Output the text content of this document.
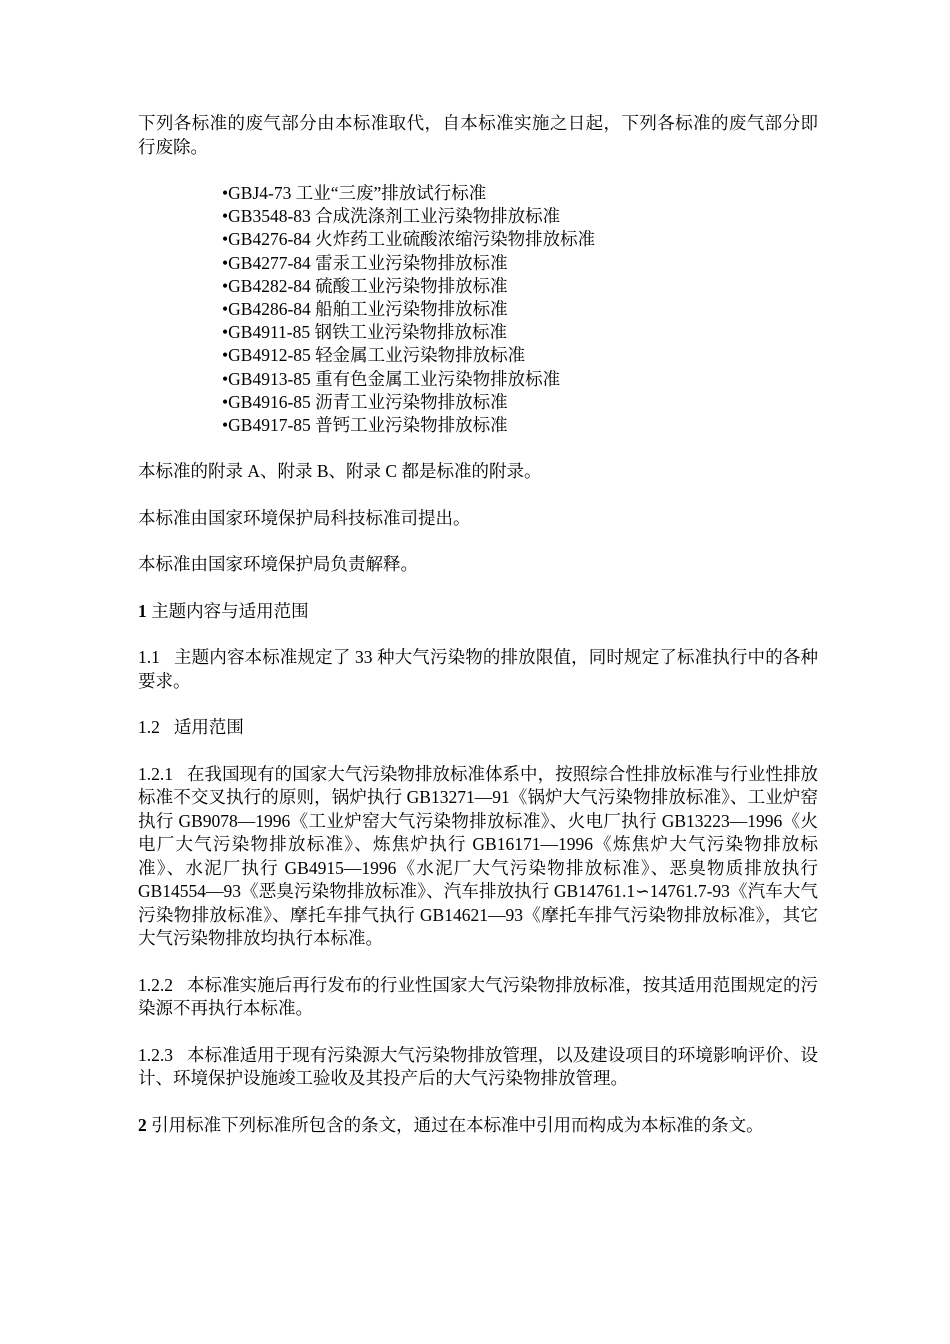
下列各标准的废气部分由本标准取代，自本标准实施之日起，下列各标准的废气部分即行废除。

•GBJ4-73 工业“三废”排放试行标准
•GB3548-83 合成洗涤剂工业污染物排放标准
•GB4276-84 火炸药工业硫酸浓缩污染物排放标准
•GB4277-84 雷汞工业污染物排放标准
•GB4282-84 硫酸工业污染物排放标准
•GB4286-84 船舶工业污染物排放标准
•GB4911-85 钢铁工业污染物排放标准
•GB4912-85 轻金属工业污染物排放标准
•GB4913-85 重有色金属工业污染物排放标准
•GB4916-85 沥青工业污染物排放标准
•GB4917-85 普钙工业污染物排放标准

本标准的附录 A、附录 B、附录 C 都是标准的附录。

本标准由国家环境保护局科技标准司提出。

本标准由国家环境保护局负责解释。

1 主题内容与适用范围

1.1 主题内容本标准规定了 33 种大气污染物的排放限值，同时规定了标准执行中的各种要求。

1.2 适用范围

1.2.1 在我国现有的国家大气污染物排放标准体系中，按照综合性排放标准与行业性排放标准不交叉执行的原则，锅炉执行 GB13271—91《锅炉大气污染物排放标准》、工业炉窑执行 GB9078—1996《工业炉窑大气污染物排放标准》、火电厂执行 GB13223—1996《火电厂大气污染物排放标准》、炼焦炉执行 GB16171—1996《炼焦炉大气污染物排放标准》、水泥厂执行 GB4915—1996《水泥厂大气污染物排放标准》、恶臭物质排放执行 GB14554—93《恶臭污染物排放标准》、汽车排放执行 GB14761.1∽14761.7-93《汽车大气污染物排放标准》、摩托车排气执行 GB14621—93《摩托车排气污染物排放标准》，其它大气污染物排放均执行本标准。

1.2.2 本标准实施后再行发布的行业性国家大气污染物排放标准，按其适用范围规定的污染源不再执行本标准。

1.2.3 本标准适用于现有污染源大气污染物排放管理，以及建设项目的环境影响评价、设计、环境保护设施竣工验收及其投产后的大气污染物排放管理。

2 引用标准下列标准所包含的条文，通过在本标准中引用而构成为本标准的条文。
